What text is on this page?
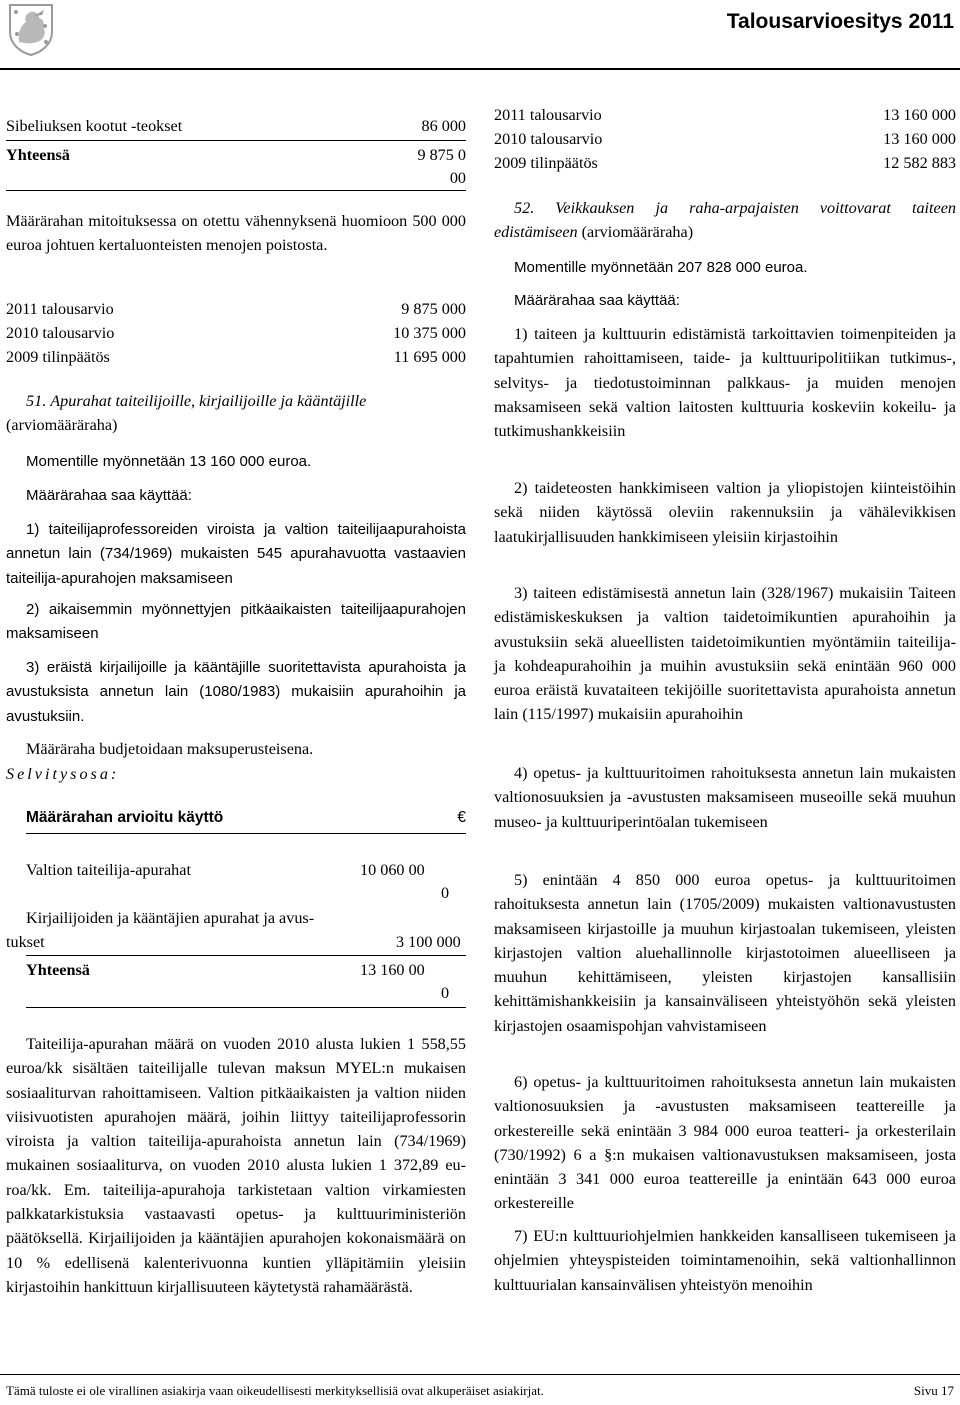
Talousarvioesitys 2011
Sibeliuksen kootut -teokset	86 000
Yhteensä	9 875 0
00

Määrärahan mitoituksessa on otettu vähennyksenä huomioon 500 000 euroa johtuen kertaluonteisten menojen poistosta.

2011 talousarvio	9 875 000
2010 talousarvio	10 375 000
2009 tilinpäätös	11 695 000
51. Apurahat taiteilijoille, kirjailijoille ja kääntäjille
(arviomääräraha)
Momentille myönnetään 13 160 000 euroa.
Määrärahaa saa käyttää:

1) taiteilijaprofessoreiden viroista ja valtion taiteilijaapurahoista annetun lain (734/1969) mukaisten 545 apurahavuotta vastaavien taiteilija-apurahojen maksamiseen

2) aikaisemmin myönnettyjen pitkäaikaisten taiteilijaapurahojen maksamiseen

3) eräistä kirjailijoille ja kääntäjille suoritettavista apurahoista ja avustuksista annetun lain (1080/1983) mukaisiin apurahoihin ja avustuksiin.

Määräraha budjetoidaan maksuperusteisena.
Selvitysosa:
Määrärahan arvioitu käyttö	€
Valtion taiteilija-apurahat	10 060 00
0
Kirjailijoiden ja kääntäjien apurahat ja avus-
tukset	3 100 000
Yhteensä	13 160 00
0

Taiteilija-apurahan määrä on vuoden 2010 alusta lukien 1 558,55 euroa/kk sisältäen taiteilijalle tulevan maksun MYEL:n mukaisen sosiaaliturvan rahoittamiseen. Valtion pitkäaikaisten ja valtion niiden viisivuotisten apurahojen määrä, joihin liittyy taiteilijaprofessorin viroista ja valtion taiteilija-apurahoista annetun lain (734/1969) mukainen sosiaaliturva, on vuoden 2010 alusta lukien 1 372,89 euroa/kk. Em. taiteilija-apurahoja tarkistetaan valtion virkamiesten palkkatarkistuksia vastaavasti opetus- ja kulttuuriministeriön päätöksellä. Kirjailijoiden ja kääntäjien apurahojen kokonaismäärä on 10 % edellisenä kalenterivuonna kuntien ylläpitämiin yleisiin kirjastoihin hankittuun kirjallisuuteen käytetystä rahamäärästä.

2011 talousarvio	13 160 000
2010 talousarvio	13 160 000
2009 tilinpäätös	12 582 883
52. Veikkauksen ja raha-arpajaisten voittovarat taiteen edistämiseen (arviomääräraha)
Momentille myönnetään 207 828 000 euroa.
Määrärahaa saa käyttää:

1) taiteen ja kulttuurin edistämistä tarkoittavien toimenpiteiden ja tapahtumien rahoittamiseen, taide- ja kulttuuripolitiikan tutkimus-, selvitys- ja tiedotustoiminnan palkkaus- ja muiden menojen maksamiseen sekä valtion laitosten kulttuuria koskeviin kokeilu- ja tutkimushankkeisiin

2) taideteosten hankkimiseen valtion ja yliopistojen kiinteistöihin sekä niiden käytössä oleviin rakennuksiin ja vähälevikkisen laatukirjallisuuden hankkimiseen yleisiin kirjastoihin

3) taiteen edistämisestä annetun lain (328/1967) mukaisiin Taiteen edistämiskeskuksen ja valtion taidetoimikuntien apurahoihin ja avustuksiin sekä alueellisten taidetoimikuntien myöntämiin taiteilija- ja kohdeapurahoihin ja muihin avustuksiin sekä enintään 960 000 euroa eräistä kuvataiteen tekijöille suoritettavista apurahoista annetun lain (115/1997) mukaisiin apurahoihin

4) opetus- ja kulttuuritoimen rahoituksesta annetun lain mukaisten valtionosuuksien ja -avustusten maksamiseen museoille sekä muuhun museo- ja kulttuuriperintöalan tukemiseen

5) enintään 4 850 000 euroa opetus- ja kulttuuritoimen rahoituksesta annetun lain (1705/2009) mukaisten valtionavustusten maksamiseen kirjastoille ja muuhun kirjastoalan tukemiseen, yleisten kirjastojen valtion aluehallinnolle kirjastotoimen alueelliseen ja muuhun kehittämiseen, yleisten kirjastojen kansallisiin kehittämishankkeisiin ja kansainväliseen yhteistyöhön sekä yleisten kirjastojen osaamispohjan vahvistamiseen

6) opetus- ja kulttuuritoimen rahoituksesta annetun lain mukaisten valtionosuuksien ja -avustusten maksamiseen teattereille ja orkestereille sekä enintään 3 984 000 euroa teatteri- ja orkesterilain (730/1992) 6 a §:n mukaisen valtionavustuksen maksamiseen, josta enintään 3 341 000 euroa teattereille ja enintään 643 000 euroa orkestereille

7) EU:n kulttuuriohjelmien hankkeiden kansalliseen tukemiseen ja ohjelmien yhteyspisteiden toimintamenoihin, sekä valtionhallinnon kulttuurialan kansainvälisen yhteistyön menoihin

Tämä tuloste ei ole virallinen asiakirja vaan oikeudellisesti merkityksellisiä ovat alkuperäiset asiakirjat.	Sivu 17
